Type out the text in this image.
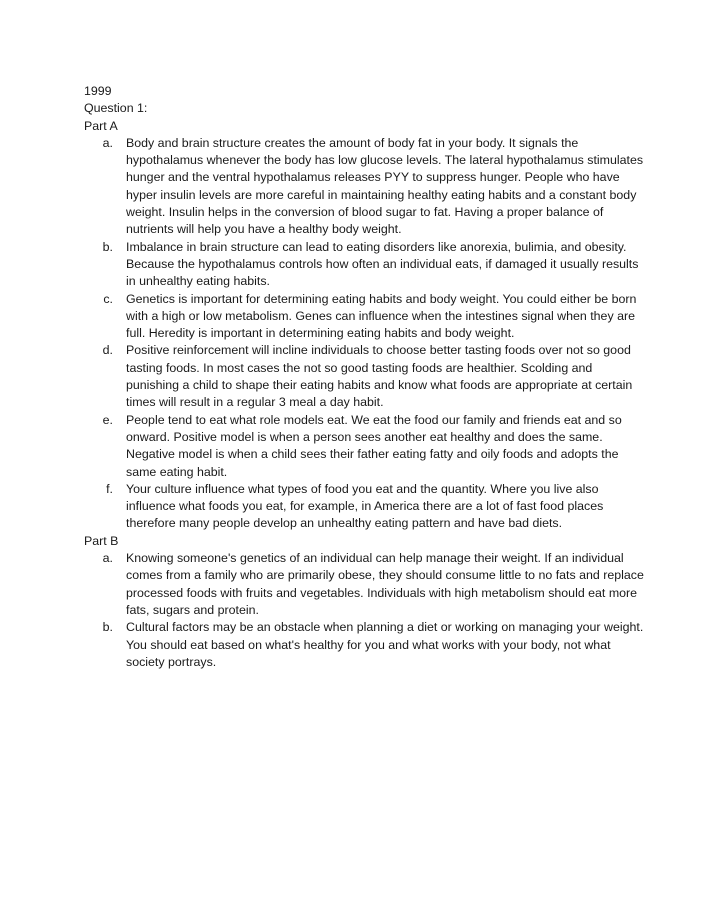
1999
Question 1:
Part A
a. Body and brain structure creates the amount of body fat in your body. It signals the hypothalamus whenever the body has low glucose levels. The lateral hypothalamus stimulates hunger and the ventral hypothalamus releases PYY to suppress hunger. People who have hyper insulin levels are more careful in maintaining healthy eating habits and a constant body weight. Insulin helps in the conversion of blood sugar to fat. Having a proper balance of nutrients will help you have a healthy body weight.
b. Imbalance in brain structure can lead to eating disorders like anorexia, bulimia, and obesity. Because the hypothalamus controls how often an individual eats, if damaged it usually results in unhealthy eating habits.
c. Genetics is important for determining eating habits and body weight. You could either be born with a high or low metabolism. Genes can influence when the intestines signal when they are full. Heredity is important in determining eating habits and body weight.
d. Positive reinforcement will incline individuals to choose better tasting foods over not so good tasting foods. In most cases the not so good tasting foods are healthier. Scolding and punishing a child to shape their eating habits and know what foods are appropriate at certain times will result in a regular 3 meal a day habit.
e. People tend to eat what role models eat. We eat the food our family and friends eat and so onward. Positive model is when a person sees another eat healthy and does the same. Negative model is when a child sees their father eating fatty and oily foods and adopts the same eating habit.
f. Your culture influence what types of food you eat and the quantity. Where you live also influence what foods you eat, for example, in America there are a lot of fast food places therefore many people develop an unhealthy eating pattern and have bad diets.
Part B
a. Knowing someone's genetics of an individual can help manage their weight. If an individual comes from a family who are primarily obese, they should consume little to no fats and replace processed foods with fruits and vegetables. Individuals with high metabolism should eat more fats, sugars and protein.
b. Cultural factors may be an obstacle when planning a diet or working on managing your weight. You should eat based on what's healthy for you and what works with your body, not what society portrays.
